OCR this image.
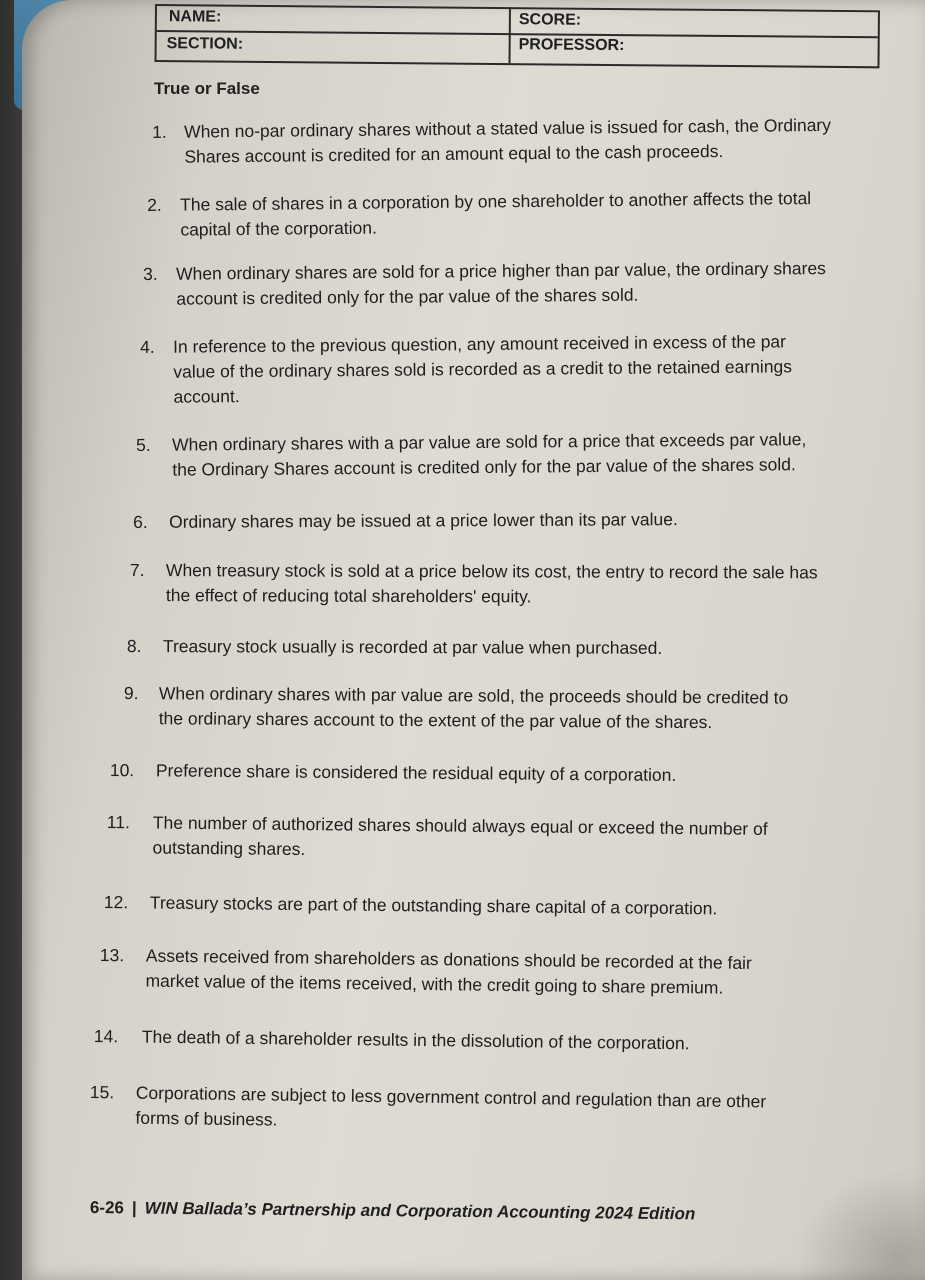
NAME:	SCORE:
SECTION:	PROFESSOR:
True or False
1. When no-par ordinary shares without a stated value is issued for cash, the Ordinary
Shares account is credited for an amount equal to the cash proceeds.
2. The sale of shares in a corporation by one shareholder to another affects the total
capital of the corporation.
3. When ordinary shares are sold for a price higher than par value, the ordinary shares
account is credited only for the par value of the shares sold.
4. In reference to the previous question, any amount received in excess of the par
value of the ordinary shares sold is recorded as a credit to the retained earnings
account.
5. When ordinary shares with a par value are sold for a price that exceeds par value,
the Ordinary Shares account is credited only for the par value of the shares sold.
6. Ordinary shares may be issued at a price lower than its par value.
7. When treasury stock is sold at a price below its cost, the entry to record the sale has
the effect of reducing total shareholders' equity.
8. Treasury stock usually is recorded at par value when purchased.
9. When ordinary shares with par value are sold, the proceeds should be credited to
the ordinary shares account to the extent of the par value of the shares.
10. Preference share is considered the residual equity of a corporation.
11. The number of authorized shares should always equal or exceed the number of
outstanding shares.
12. Treasury stocks are part of the outstanding share capital of a corporation.
13. Assets received from shareholders as donations should be recorded at the fair
market value of the items received, with the credit going to share premium.
14. The death of a shareholder results in the dissolution of the corporation.
15. Corporations are subject to less government control and regulation than are other
forms of business.
6-26 | WIN Ballada’s Partnership and Corporation Accounting 2024 Edition
